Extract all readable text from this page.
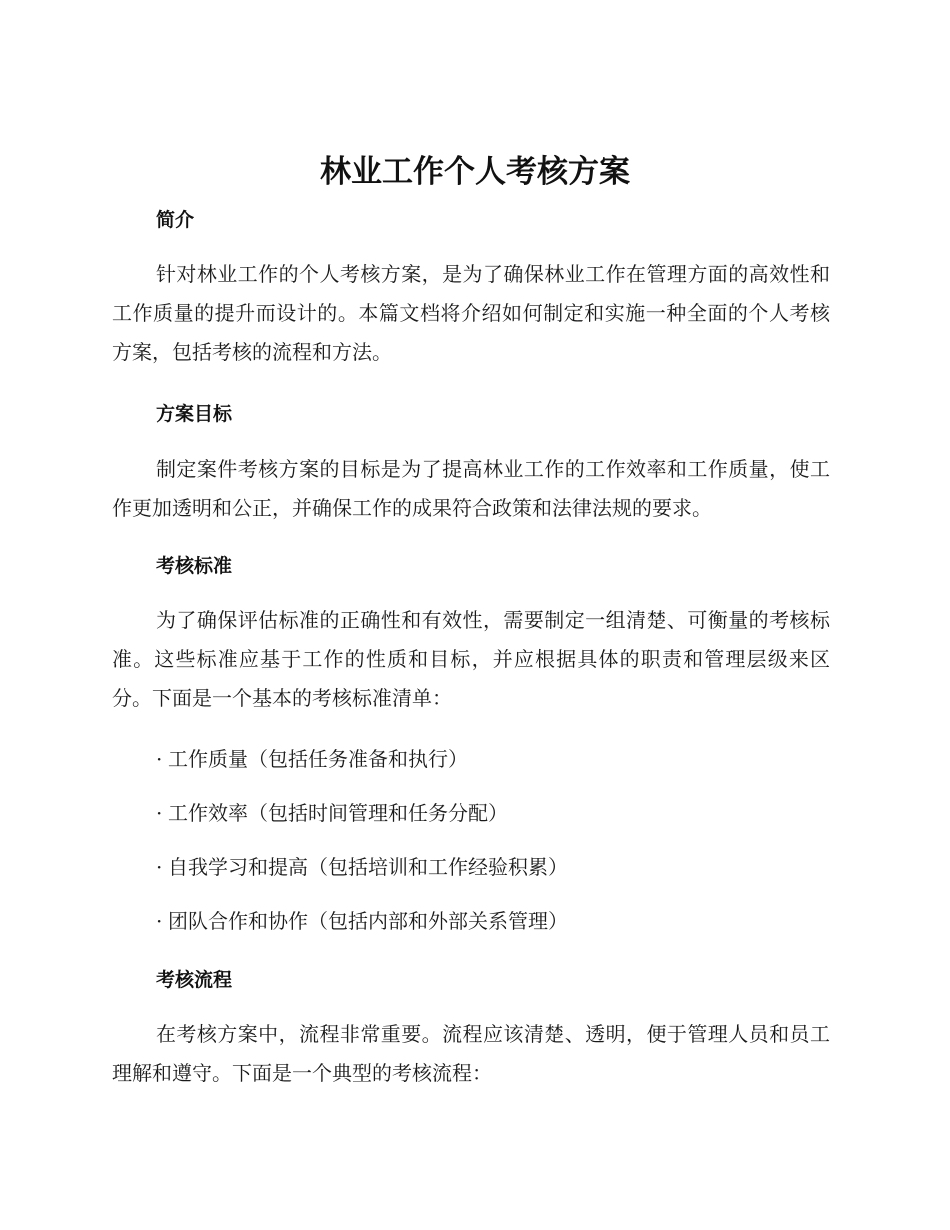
林业工作个人考核方案
简介

针对林业工作的个人考核方案，是为了确保林业工作在管理方面的高效性和工作质量的提升而设计的。本篇文档将介绍如何制定和实施一种全面的个人考核方案，包括考核的流程和方法。

方案目标

制定案件考核方案的目标是为了提高林业工作的工作效率和工作质量，使工作更加透明和公正，并确保工作的成果符合政策和法律法规的要求。

考核标准

为了确保评估标准的正确性和有效性，需要制定一组清楚、可衡量的考核标准。这些标准应基于工作的性质和目标，并应根据具体的职责和管理层级来区分。下面是一个基本的考核标准清单：

· 工作质量（包括任务准备和执行）

· 工作效率（包括时间管理和任务分配）

· 自我学习和提高（包括培训和工作经验积累）

· 团队合作和协作（包括内部和外部关系管理）

考核流程

在考核方案中，流程非常重要。流程应该清楚、透明，便于管理人员和员工理解和遵守。下面是一个典型的考核流程：
